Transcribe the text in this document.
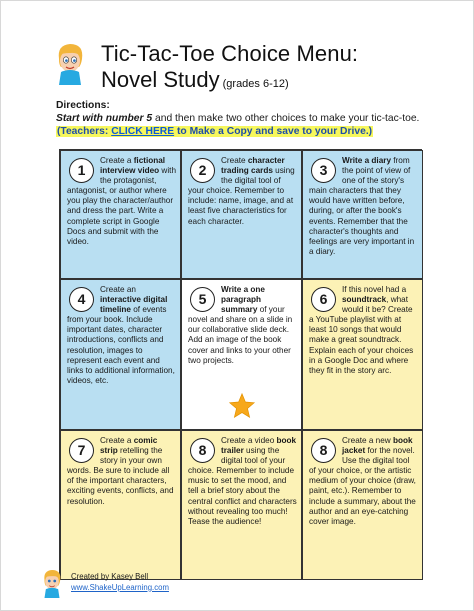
Tic-Tac-Toe Choice Menu:
Novel Study (grades 6-12)
Directions:
Start with number 5 and then make two other choices to make your tic-tac-toe.
(Teachers: CLICK HERE to Make a Copy and save to your Drive.)
1
Create a fictional interview video with the protagonist, antagonist, or author where you play the character/author and dress the part. Write a complete script in Google Docs and submit with the video.
2
Create character trading cards using the digital tool of your choice. Remember to include: name, image, and at least five characteristics for each character.
3
Write a diary from the point of view of one of the story's main characters that they would have written before, during, or after the book's events. Remember that the character's thoughts and feelings are very important in a diary.
4
Create an interactive digital timeline of events from your book. Include important dates, character introductions, conflicts and resolution, images to represent each event and links to additional information, videos, etc.
5
Write a one paragraph summary of your novel and share on a slide in our collaborative slide deck. Add an image of the book cover and links to your other two projects.
6
If this novel had a soundtrack, what would it be? Create a YouTube playlist with at least 10 songs that would make a great soundtrack. Explain each of your choices in a Google Doc and where they fit in the story arc.
7
Create a comic strip retelling the story in your own words. Be sure to include all of the important characters, exciting events, conflicts, and resolution.
8
Create a video book trailer using the digital tool of your choice. Remember to include music to set the mood, and tell a brief story about the central conflict and characters without revealing too much! Tease the audience!
8
Create a new book jacket for the novel. Use the digital tool of your choice, or the artistic medium of your choice (draw, paint, etc.). Remember to include a summary, about the author and an eye-catching cover image.
Created by Kasey Bell
www.ShakeUpLearning.com
